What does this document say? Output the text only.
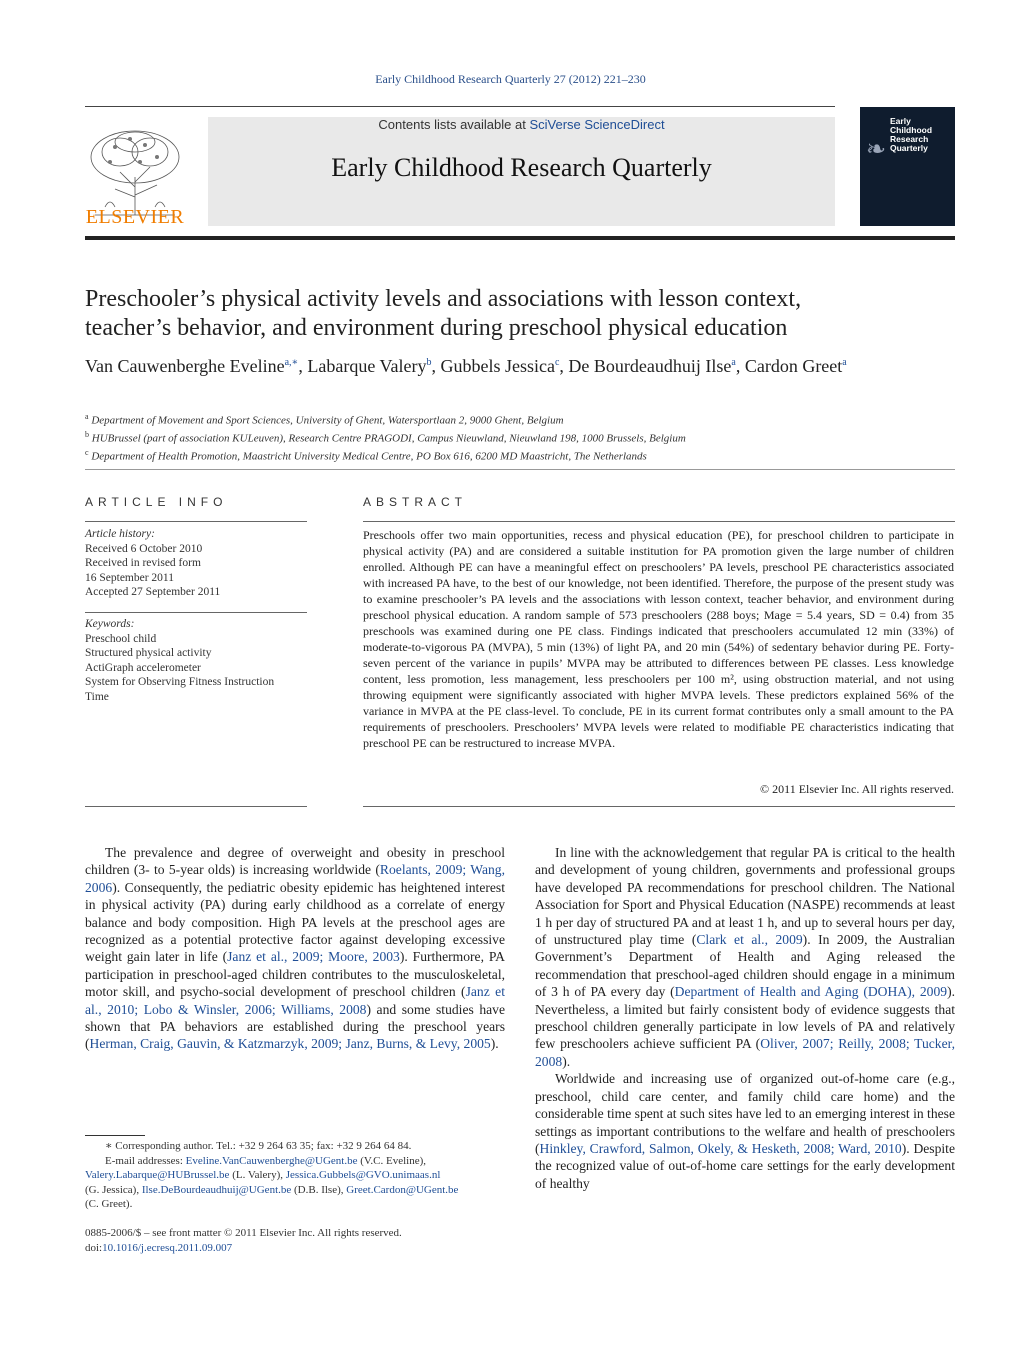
Early Childhood Research Quarterly 27 (2012) 221–230
ELSEVIER
Contents lists available at SciVerse ScienceDirect
Early Childhood Research Quarterly
Early Childhood Research Quarterly
❧
Preschooler’s physical activity levels and associations with lesson context,
teacher’s behavior, and environment during preschool physical education
Van Cauwenberghe Eveline$^{a,∗}$, Labarque Valery$^b$, Gubbels Jessica$^c$, De Bourdeaudhuij Ilse$^a$, Cardon Greet$^a$
$^a$ Department of Movement and Sport Sciences, University of Ghent, Watersportlaan 2, 9000 Ghent, Belgium
$^b$ HUBrussel (part of association KULeuven), Research Centre PRAGODI, Campus Nieuwland, Nieuwland 198, 1000 Brussels, Belgium
$^c$ Department of Health Promotion, Maastricht University Medical Centre, PO Box 616, 6200 MD Maastricht, The Netherlands
ARTICLE INFO	ABSTRACT
Article history:
Received 6 October 2010
Received in revised form
16 September 2011
Accepted 27 September 2011
Keywords:
Preschool child
Structured physical activity
ActiGraph accelerometer
System for Observing Fitness Instruction
Time
Preschools offer two main opportunities, recess and physical education (PE), for preschool children to participate in physical activity (PA) and are considered a suitable institution for PA promotion given the large number of children enrolled. Although PE can have a meaningful effect on preschoolers’ PA levels, preschool PE characteristics associated with increased PA have, to the best of our knowledge, not been identified. Therefore, the purpose of the present study was to examine preschooler’s PA levels and the associations with lesson context, teacher behavior, and environment during preschool physical education. A random sample of 573 preschoolers (288 boys; Mage = 5.4 years, SD = 0.4) from 35 preschools was examined during one PE class. Findings indicated that preschoolers accumulated 12 min (33%) of moderate-to-vigorous PA (MVPA), 5 min (13%) of light PA, and 20 min (54%) of sedentary behavior during PE. Forty-seven percent of the variance in pupils’ MVPA may be attributed to differences between PE classes. Less knowledge content, less promotion, less management, less preschoolers per 100 m², using obstruction material, and not using throwing equipment were significantly associated with higher MVPA levels. These predictors explained 56% of the variance in MVPA at the PE class-level. To conclude, PE in its current format contributes only a small amount to the PA requirements of preschoolers. Preschoolers’ MVPA levels were related to modifiable PE characteristics indicating that preschool PE can be restructured to increase MVPA.
© 2011 Elsevier Inc. All rights reserved.

The prevalence and degree of overweight and obesity in preschool children (3- to 5-year olds) is increasing worldwide (Roelants, 2009; Wang, 2006). Consequently, the pediatric obesity epidemic has heightened interest in physical activity (PA) during early childhood as a correlate of energy balance and body composition. High PA levels at the preschool ages are recognized as a potential protective factor against developing excessive weight gain later in life (Janz et al., 2009; Moore, 2003). Furthermore, PA participation in preschool-aged children contributes to the musculoskeletal, motor skill, and psycho-social development of preschool children (Janz et al., 2010; Lobo & Winsler, 2006; Williams, 2008) and some studies have shown that PA behaviors are established during the preschool years (Herman, Craig, Gauvin, & Katzmarzyk, 2009; Janz, Burns, & Levy, 2005).

In line with the acknowledgement that regular PA is critical to the health and development of young children, governments and professional groups have developed PA recommendations for preschool children. The National Association for Sport and Physical Education (NASPE) recommends at least 1 h per day of structured PA and at least 1 h, and up to several hours per day, of unstructured play time (Clark et al., 2009). In 2009, the Australian Government’s Department of Health and Aging released the recommendation that preschool-aged children should engage in a minimum of 3 h of PA every day (Department of Health and Aging (DOHA), 2009). Nevertheless, a limited but fairly consistent body of evidence suggests that preschool children generally participate in low levels of PA and relatively few preschoolers achieve sufficient PA (Oliver, 2007; Reilly, 2008; Tucker, 2008).

Worldwide and increasing use of organized out-of-home care (e.g., preschool, child care center, and family child care home) and the considerable time spent at such sites have led to an emerging interest in these settings as important contributions to the welfare and health of preschoolers (Hinkley, Crawford, Salmon, Okely, & Hesketh, 2008; Ward, 2010). Despite the recognized value of out-of-home care settings for the early development of healthy

∗ Corresponding author. Tel.: +32 9 264 63 35; fax: +32 9 264 64 84.
E-mail addresses: Eveline.VanCauwenberghe@UGent.be (V.C. Eveline),
Valery.Labarque@HUBrussel.be (L. Valery), Jessica.Gubbels@GVO.unimaas.nl
(G. Jessica), Ilse.DeBourdeaudhuij@UGent.be (D.B. Ilse), Greet.Cardon@UGent.be
(C. Greet).
0885-2006/$ – see front matter © 2011 Elsevier Inc. All rights reserved.
doi:10.1016/j.ecresq.2011.09.007
